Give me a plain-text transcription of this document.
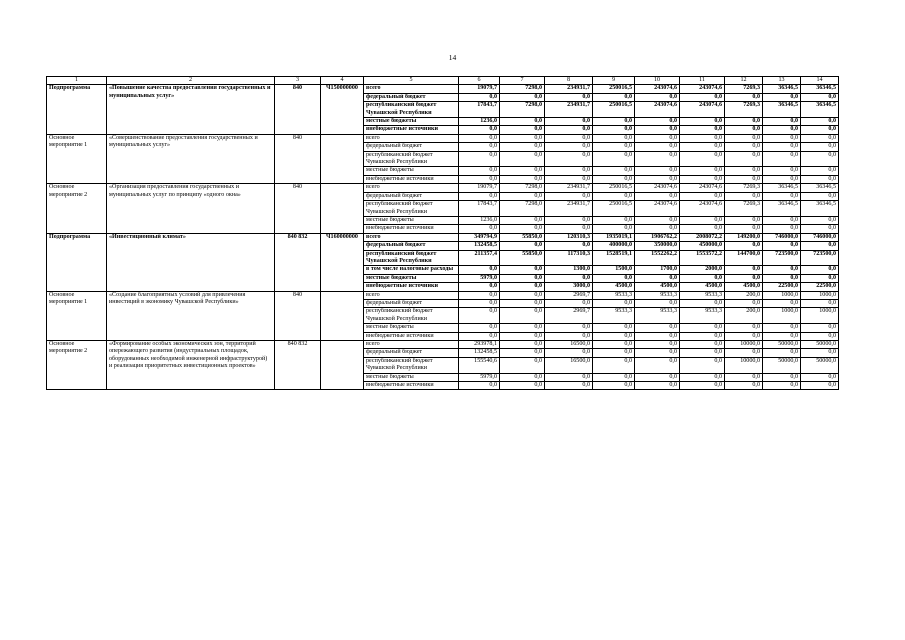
14
1	2	3	4	5	6	7	8	9	10	11	12	13	14
Подпрограмма	«Повышение качества предоставления государственных и муниципальных услуг»	840	Ч150000000	всего	19079,7	7298,0	234931,7	250016,5	243074,6	243074,6	7269,3	36346,5	36346,5
				федеральный бюджет	0,0	0,0	0,0	0,0	0,0	0,0	0,0	0,0	0,0
				республиканский бюджет Чувашской Республики	17843,7	7298,0	234931,7	250016,5	243074,6	243074,6	7269,3	36346,5	36346,5
				местные бюджеты	1236,0	0,0	0,0	0,0	0,0	0,0	0,0	0,0	0,0
				внебюджетные источники	0,0	0,0	0,0	0,0	0,0	0,0	0,0	0,0	0,0
Основное мероприятие 1	«Совершенствование предоставления государственных и муниципальных услуг»	840		всего	0,0	0,0	0,0	0,0	0,0	0,0	0,0	0,0	0,0
				федеральный бюджет	0,0	0,0	0,0	0,0	0,0	0,0	0,0	0,0	0,0
				республиканский бюджет Чувашской Республики	0,0	0,0	0,0	0,0	0,0	0,0	0,0	0,0	0,0
				местные бюджеты	0,0	0,0	0,0	0,0	0,0	0,0	0,0	0,0	0,0
				внебюджетные источники	0,0	0,0	0,0	0,0	0,0	0,0	0,0	0,0	0,0
Основное мероприятие 2	«Организация предоставления государственных и муниципальных услуг по принципу «одного окна»	840		всего	19079,7	7298,0	234931,7	250016,5	243074,6	243074,6	7269,3	36346,5	36346,5
				федеральный бюджет	0,0	0,0	0,0	0,0	0,0	0,0	0,0	0,0	0,0
				республиканский бюджет Чувашской Республики	17843,7	7298,0	234931,7	250016,5	243074,6	243074,6	7269,3	36346,5	36346,5
				местные бюджеты	1236,0	0,0	0,0	0,0	0,0	0,0	0,0	0,0	0,0
				внебюджетные источники	0,0	0,0	0,0	0,0	0,0	0,0	0,0	0,0	0,0
Подпрограмма	«Инвестиционный климат»	840 832	Ч160000000	всего	349794,9	55850,0	120310,3	1935019,1	1906762,2	2008072,2	149200,0	746000,0	746000,0
				федеральный бюджет	132458,5	0,0	0,0	400000,0	350000,0	450000,0	0,0	0,0	0,0
				республиканский бюджет Чувашской Республики	211357,4	55850,0	117310,3	1528519,1	1552262,2	1553572,2	144700,0	723500,0	723500,0
				в том числе налоговые расходы	0,0	0,0	1300,0	1500,0	1700,0	2000,0	0,0	0,0	0,0
				местные бюджеты	5979,0	0,0	0,0	0,0	0,0	0,0	0,0	0,0	0,0
				внебюджетные источники	0,0	0,0	3000,0	4500,0	4500,0	4500,0	4500,0	22500,0	22500,0
Основное мероприятие 1	«Создание благоприятных условий для привлечения инвестиций в экономику Чувашской Республики»	840		всего	0,0	0,0	2969,7	9533,3	9533,3	9533,3	200,0	1000,0	1000,0
				федеральный бюджет	0,0	0,0	0,0	0,0	0,0	0,0	0,0	0,0	0,0
				республиканский бюджет Чувашской Республики	0,0	0,0	2969,7	9533,3	9533,3	9533,3	200,0	1000,0	1000,0
				местные бюджеты	0,0	0,0	0,0	0,0	0,0	0,0	0,0	0,0	0,0
				внебюджетные источники	0,0	0,0	0,0	0,0	0,0	0,0	0,0	0,0	0,0
Основное мероприятие 2	«Формирование особых экономических зон, территорий опережающего развития (индустриальных площадок, оборудованных необходимой инженерной инфраструктурой) и реализация приоритетных инвестиционных проектов»	840 832		всего	293978,1	0,0	16500,0	0,0	0,0	0,0	10000,0	50000,0	50000,0
				федеральный бюджет	132458,5	0,0	0,0	0,0	0,0	0,0	0,0	0,0	0,0
				республиканский бюджет Чувашской Республики	155540,6	0,0	16500,0	0,0	0,0	0,0	10000,0	50000,0	50000,0
				местные бюджеты	5979,0	0,0	0,0	0,0	0,0	0,0	0,0	0,0	0,0
				внебюджетные источники	0,0	0,0	0,0	0,0	0,0	0,0	0,0	0,0	0,0
